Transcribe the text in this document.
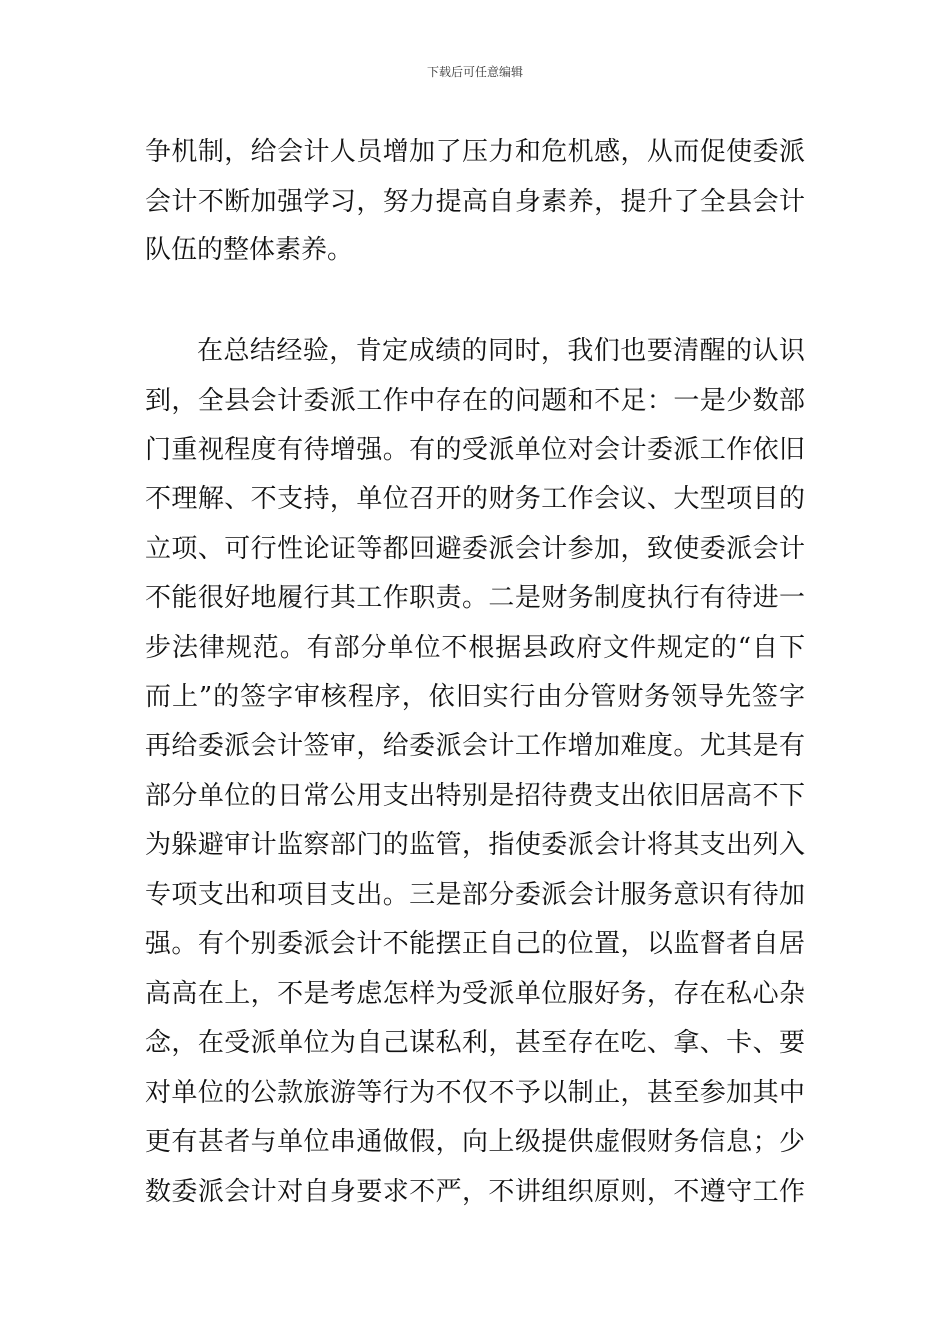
下载后可任意编辑
争机制，给会计人员增加了压力和危机感，从而促使委派
会计不断加强学习，努力提高自身素养，提升了全县会计
队伍的整体素养。
在总结经验，肯定成绩的同时，我们也要清醒的认识
到，全县会计委派工作中存在的问题和不足：一是少数部
门重视程度有待增强。有的受派单位对会计委派工作依旧
不理解、不支持，单位召开的财务工作会议、大型项目的
立项、可行性论证等都回避委派会计参加，致使委派会计
不能很好地履行其工作职责。二是财务制度执行有待进一
步法律规范。有部分单位不根据县政府文件规定的“自下
而上”的签字审核程序，依旧实行由分管财务领导先签字
再给委派会计签审，给委派会计工作增加难度。尤其是有
部分单位的日常公用支出特别是招待费支出依旧居高不下
为躲避审计监察部门的监管，指使委派会计将其支出列入
专项支出和项目支出。三是部分委派会计服务意识有待加
强。有个别委派会计不能摆正自己的位置，以监督者自居
高高在上，不是考虑怎样为受派单位服好务，存在私心杂
念，在受派单位为自己谋私利，甚至存在吃、拿、卡、要
对单位的公款旅游等行为不仅不予以制止，甚至参加其中
更有甚者与单位串通做假，向上级提供虚假财务信息；少
数委派会计对自身要求不严，不讲组织原则，不遵守工作
